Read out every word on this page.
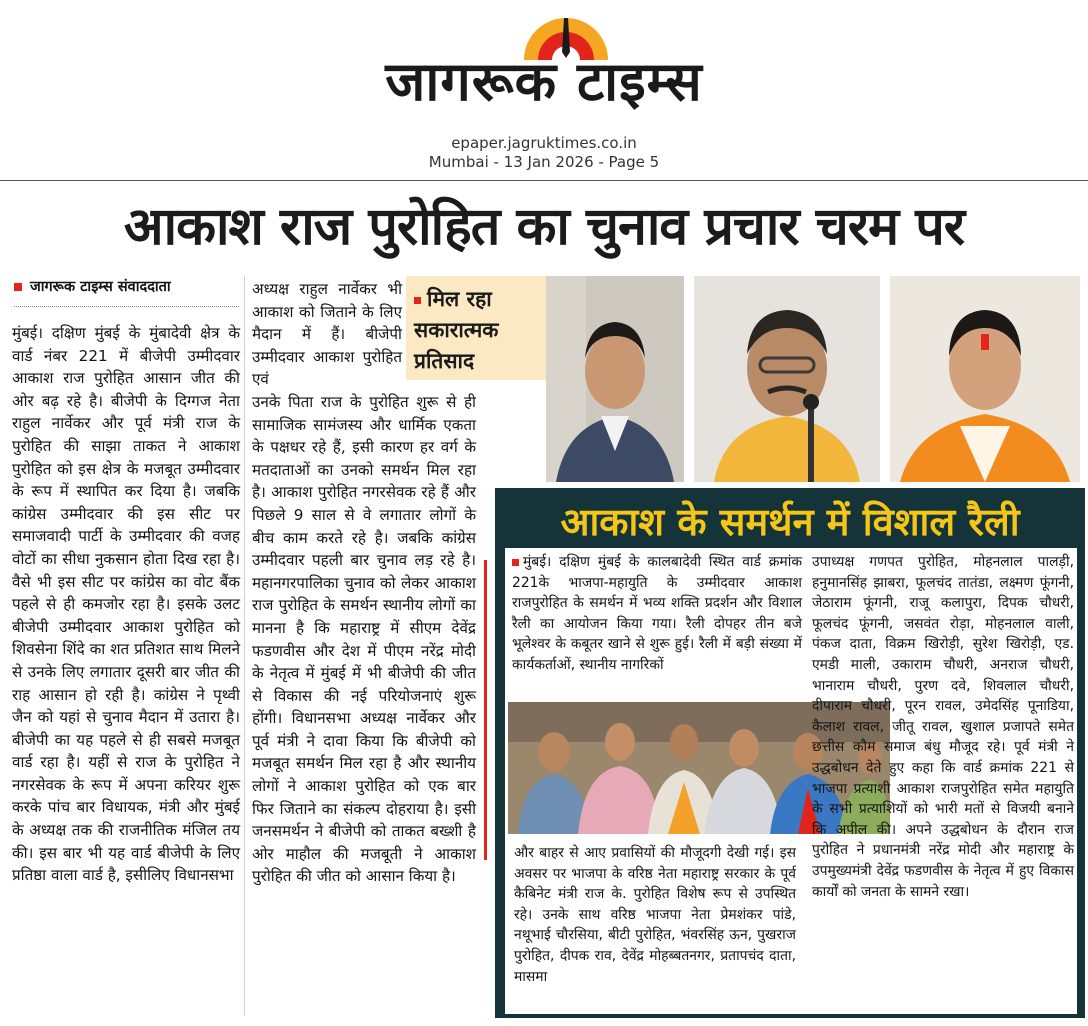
जागरूक टाइम्स
epaper.jagruktimes.co.in
Mumbai - 13 Jan 2026 - Page 5
आकाश राज पुरोहित का चुनाव प्रचार चरम पर
जागरूक टाइम्स संवाददाता
मुंबई। दक्षिण मुंबई के मुंबादेवी क्षेत्र के वार्ड नंबर 221 में बीजेपी उम्मीदवार आकाश राज पुरोहित आसान जीत की ओर बढ़ रहे है। बीजेपी के दिग्गज नेता राहुल नार्वेकर और पूर्व मंत्री राज के पुरोहित की साझा ताकत ने आकाश पुरोहित को इस क्षेत्र के मजबूत उम्मीदवार के रूप में स्थापित कर दिया है। जबकि कांग्रेस उम्मीदवार की इस सीट पर समाजवादी पार्टी के उम्मीदवार की वजह वोटों का सीधा नुकसान होता दिख रहा है। वैसे भी इस सीट पर कांग्रेस का वोट बैंक पहले से ही कमजोर रहा है। इसके उलट बीजेपी उम्मीदवार आकाश पुरोहित को शिवसेना शिंदे का शत प्रतिशत साथ मिलने से उनके लिए लगातार दूसरी बार जीत की राह आसान हो रही है। कांग्रेस ने पृथ्वी जैन को यहां से चुनाव मैदान में उतारा है। बीजेपी का यह पहले से ही सबसे मजबूत वार्ड रहा है। यहीं से राज के पुरोहित ने नगरसेवक के रूप में अपना करियर शुरू करके पांच बार विधायक, मंत्री और मुंबई के अध्यक्ष तक की राजनीतिक मंजिल तय की। इस बार भी यह वार्ड बीजेपी के लिए प्रतिष्ठा वाला वार्ड है, इसीलिए विधानसभा
अध्यक्ष राहुल नार्वेकर भी आकाश को जिताने के लिए मैदान में हैं। बीजेपी उम्मीदवार आकाश पुरोहित एवं
उनके पिता राज के पुरोहित शुरू से ही सामाजिक सामंजस्य और धार्मिक एकता के पक्षधर रहे हैं, इसी कारण हर वर्ग के मतदाताओं का उनको समर्थन मिल रहा है। आकाश पुरोहित नगरसेवक रहे हैं और पिछले 9 साल से वे लगातार लोगों के बीच काम करते रहे है। जबकि कांग्रेस उम्मीदवार पहली बार चुनाव लड़ रहे है। महानगरपालिका चुनाव को लेकर आकाश राज पुरोहित के समर्थन स्थानीय लोगों का मानना है कि महाराष्ट्र में सीएम देवेंद्र फडणवीस और देश में पीएम नरेंद्र मोदी के नेतृत्व में मुंबई में भी बीजेपी की जीत से विकास की नई परियोजनाएं शुरू होंगी। विधानसभा अध्यक्ष नार्वेकर और पूर्व मंत्री ने दावा किया कि बीजेपी को मजबूत समर्थन मिल रहा है और स्थानीय लोगों ने आकाश पुरोहित को एक बार फिर जिताने का संकल्प दोहराया है। इसी जनसमर्थन ने बीजेपी को ताकत बख्शी है ओर माहौल की मजबूती ने आकाश पुरोहित की जीत को आसान किया है।
मिल रहा सकारात्मक प्रतिसाद
आकाश के समर्थन में विशाल रैली
मुंबई। दक्षिण मुंबई के कालबादेवी स्थित वार्ड क्रमांक 221के भाजपा-महायुति के उम्मीदवार आकाश राजपुरोहित के समर्थन में भव्य शक्ति प्रदर्शन और विशाल रैली का आयोजन किया गया। रैली दोपहर तीन बजे भूलेश्वर के कबूतर खाने से शुरू हुई। रैली में बड़ी संख्या में कार्यकर्ताओं, स्थानीय नागरिकों
और बाहर से आए प्रवासियों की मौजूदगी देखी गई। इस अवसर पर भाजपा के वरिष्ठ नेता महाराष्ट्र सरकार के पूर्व कैबिनेट मंत्री राज के. पुरोहित विशेष रूप से उपस्थित रहे। उनके साथ वरिष्ठ भाजपा नेता प्रेमशंकर पांडे, नथूभाई चौरसिया, बीटी पुरोहित, भंवरसिंह ऊन, पुखराज पुरोहित, दीपक राव, देवेंद्र मोहब्बतनगर, प्रतापचंद दाता, मासमा
उपाध्यक्ष गणपत पुरोहित, मोहनलाल पालड़ी, हनुमानसिंह झाबरा, फूलचंद तातंडा, लक्ष्मण फूंगनी, जेठाराम फूंगनी, राजू कलापुरा, दिपक चौधरी, फूलचंद फूंगनी, जसवंत रोड़ा, मोहनलाल वाली, पंकज दाता, विक्रम खिरोड़ी, सुरेश खिरोड़ी, एड. एमडी माली, उकाराम चौधरी, अनराज चौधरी, भानाराम चौधरी, पुरण दवे, शिवलाल चौधरी, दीपाराम चौधरी, पूरन रावल, उमेदसिंह पूनाडिया, कैलाश रावल, जीतू रावल, खुशाल प्रजापते समेत छत्तीस कौम समाज बंधु मौजूद रहे। पूर्व मंत्री ने उद्धबोधन देते हुए कहा कि वार्ड क्रमांक 221 से भाजपा प्रत्याशी आकाश राजपुरोहित समेत महायुति के सभी प्रत्याशियों को भारी मतों से विजयी बनाने कि अपील की। अपने उद्धबोधन के दौरान राज पुरोहित ने प्रधानमंत्री नरेंद्र मोदी और महाराष्ट्र के उपमुख्यमंत्री देवेंद्र फडणवीस के नेतृत्व में हुए विकास कार्यों को जनता के सामने रखा।
